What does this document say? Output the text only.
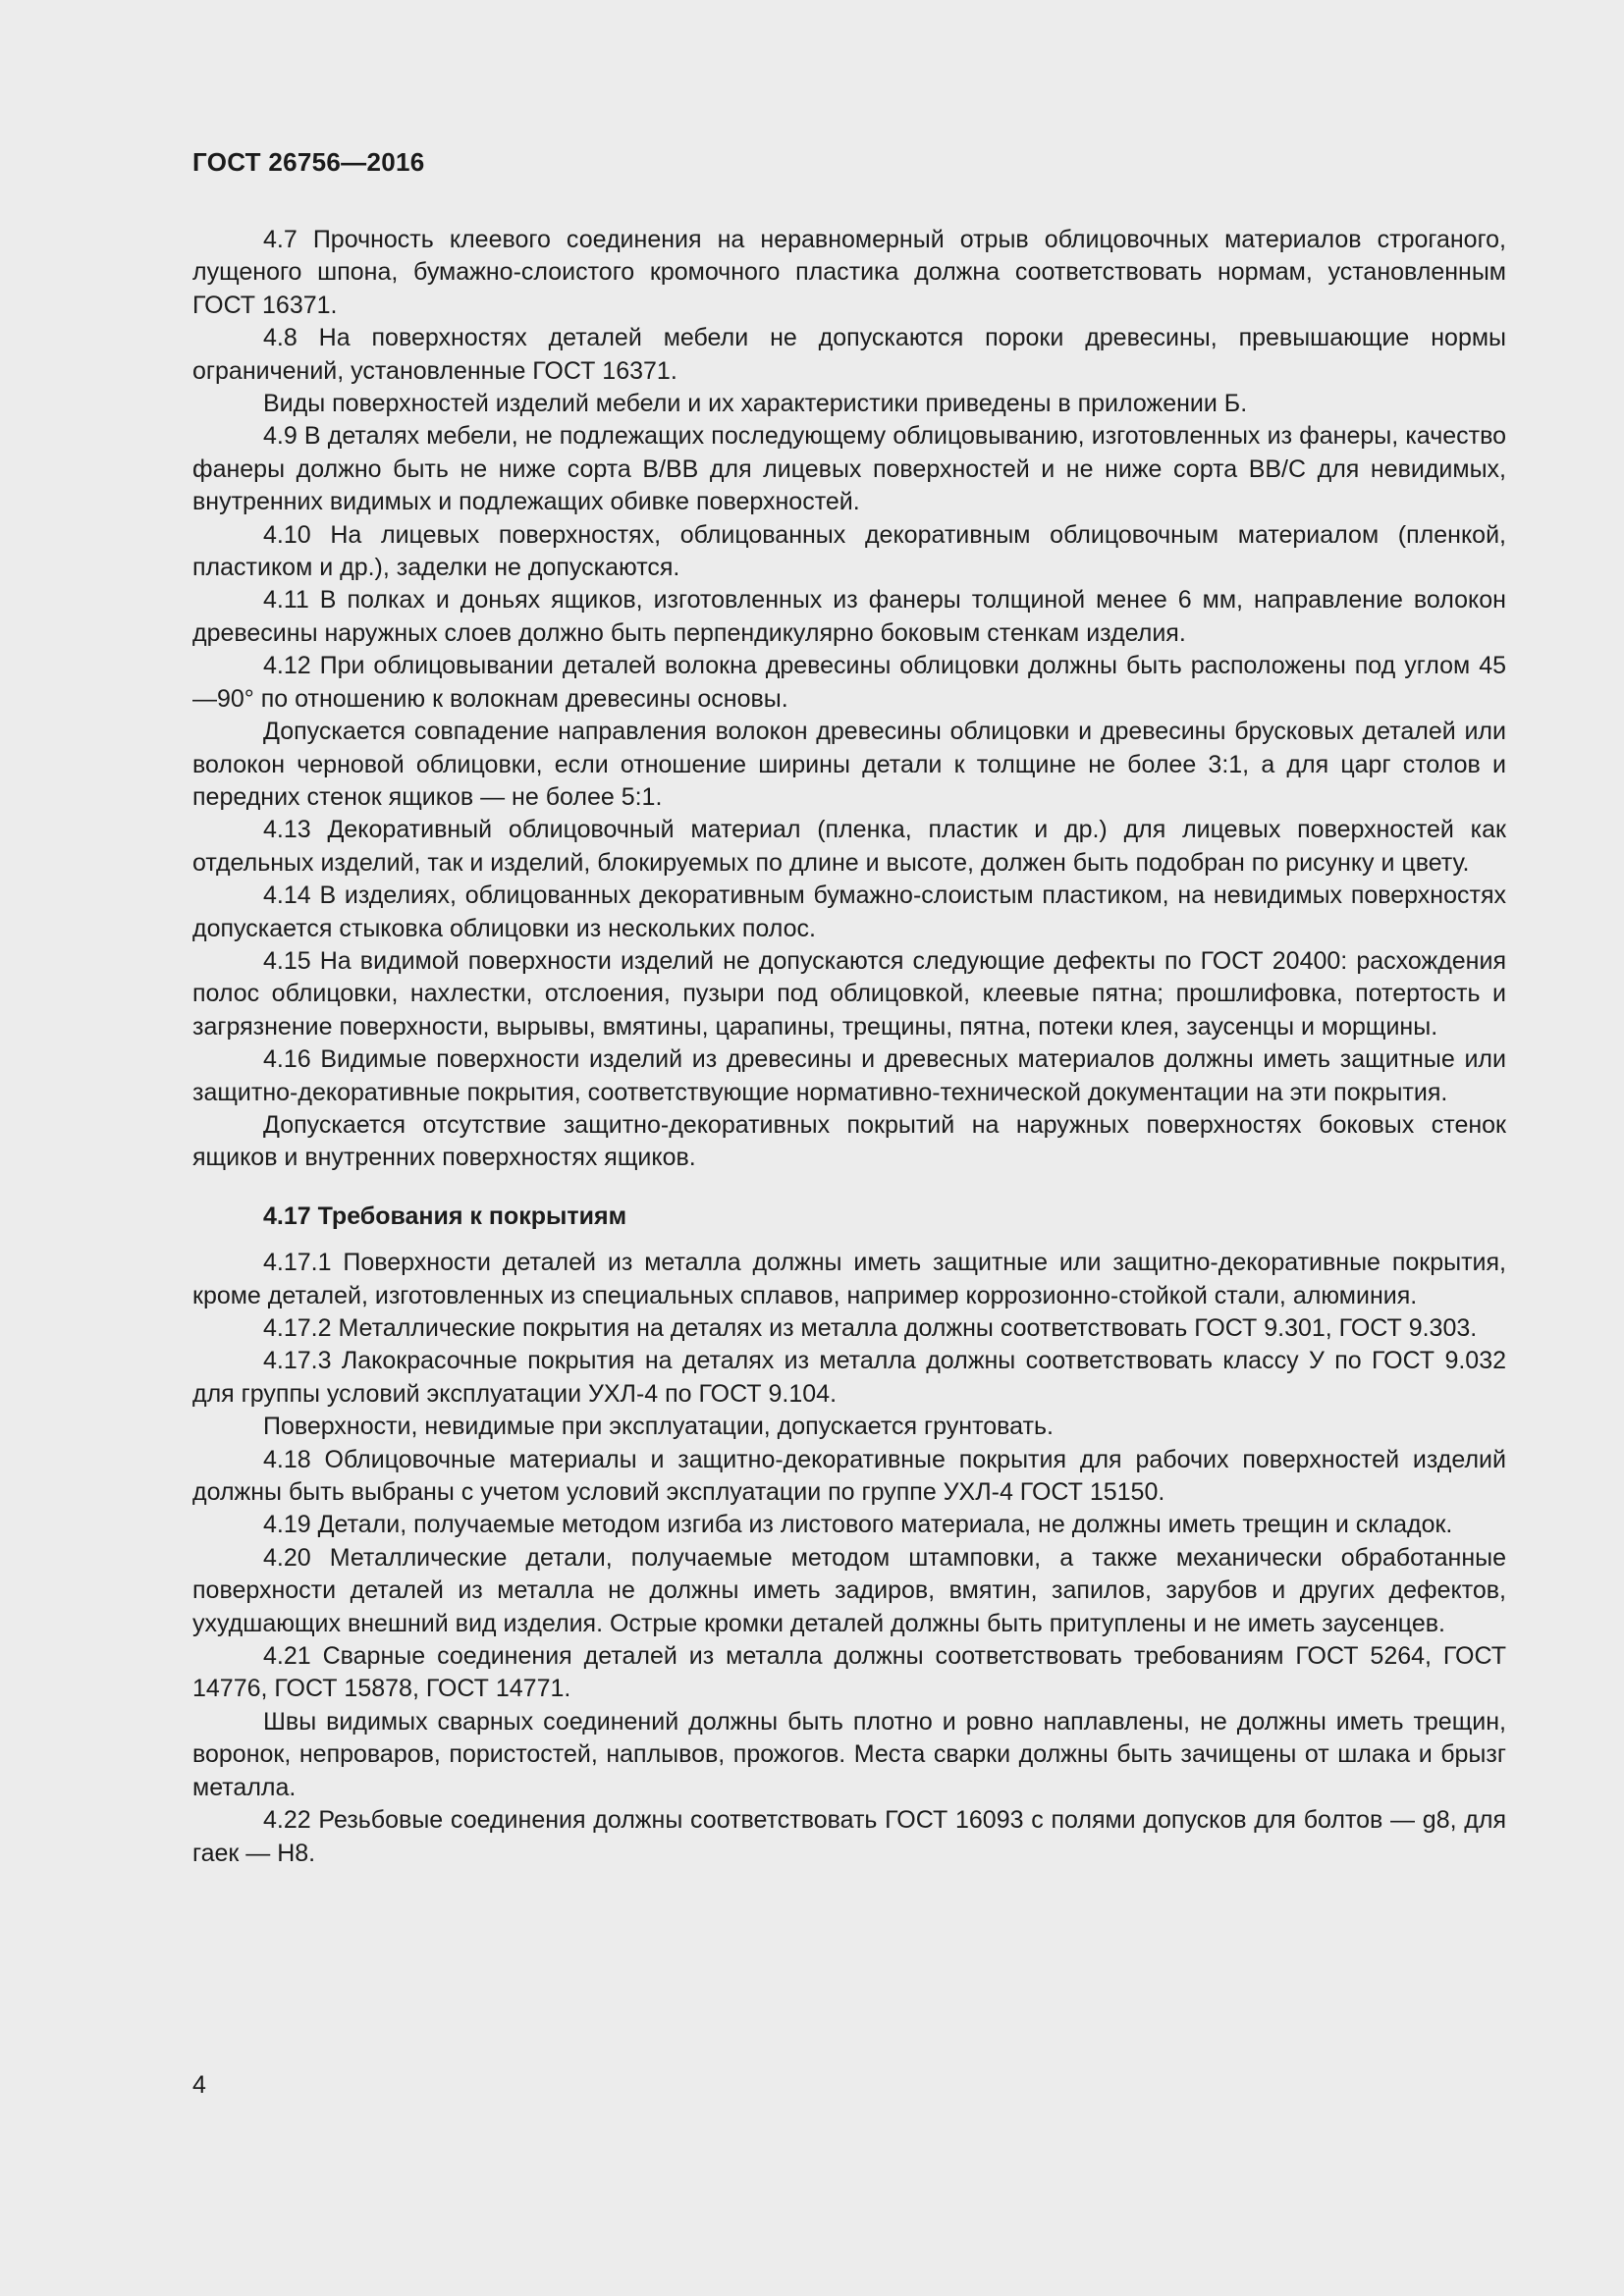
ГОСТ 26756—2016

4.7 Прочность клеевого соединения на неравномерный отрыв облицовочных материалов строганого, лущеного шпона, бумажно-слоистого кромочного пластика должна соответствовать нормам, установленным ГОСТ 16371.

4.8 На поверхностях деталей мебели не допускаются пороки древесины, превышающие нормы ограничений, установленные ГОСТ 16371.

Виды поверхностей изделий мебели и их характеристики приведены в приложении Б.

4.9 В деталях мебели, не подлежащих последующему облицовыванию, изготовленных из фанеры, качество фанеры должно быть не ниже сорта В/ВВ для лицевых поверхностей и не ниже сорта ВВ/С для невидимых, внутренних видимых и подлежащих обивке поверхностей.

4.10 На лицевых поверхностях, облицованных декоративным облицовочным материалом (пленкой, пластиком и др.), заделки не допускаются.

4.11 В полках и доньях ящиков, изготовленных из фанеры толщиной менее 6 мм, направление волокон древесины наружных слоев должно быть перпендикулярно боковым стенкам изделия.

4.12 При облицовывании деталей волокна древесины облицовки должны быть расположены под углом 45—90° по отношению к волокнам древесины основы.

Допускается совпадение направления волокон древесины облицовки и древесины брусковых деталей или волокон черновой облицовки, если отношение ширины детали к толщине не более 3:1, а для царг столов и передних стенок ящиков — не более 5:1.

4.13 Декоративный облицовочный материал (пленка, пластик и др.) для лицевых поверхностей как отдельных изделий, так и изделий, блокируемых по длине и высоте, должен быть подобран по рисунку и цвету.

4.14 В изделиях, облицованных декоративным бумажно-слоистым пластиком, на невидимых поверхностях допускается стыковка облицовки из нескольких полос.

4.15 На видимой поверхности изделий не допускаются следующие дефекты по ГОСТ 20400: расхождения полос облицовки, нахлестки, отслоения, пузыри под облицовкой, клеевые пятна; прошлифовка, потертость и загрязнение поверхности, вырывы, вмятины, царапины, трещины, пятна, потеки клея, заусенцы и морщины.

4.16 Видимые поверхности изделий из древесины и древесных материалов должны иметь защитные или защитно-декоративные покрытия, соответствующие нормативно-технической документации на эти покрытия.

Допускается отсутствие защитно-декоративных покрытий на наружных поверхностях боковых стенок ящиков и внутренних поверхностях ящиков.

4.17 Требования к покрытиям

4.17.1 Поверхности деталей из металла должны иметь защитные или защитно-декоративные покрытия, кроме деталей, изготовленных из специальных сплавов, например коррозионно-стойкой стали, алюминия.

4.17.2 Металлические покрытия на деталях из металла должны соответствовать ГОСТ 9.301, ГОСТ 9.303.

4.17.3 Лакокрасочные покрытия на деталях из металла должны соответствовать классу У по ГОСТ 9.032 для группы условий эксплуатации УХЛ-4 по ГОСТ 9.104.

Поверхности, невидимые при эксплуатации, допускается грунтовать.

4.18 Облицовочные материалы и защитно-декоративные покрытия для рабочих поверхностей изделий должны быть выбраны с учетом условий эксплуатации по группе УХЛ-4 ГОСТ 15150.

4.19 Детали, получаемые методом изгиба из листового материала, не должны иметь трещин и складок.

4.20 Металлические детали, получаемые методом штамповки, а также механически обработанные поверхности деталей из металла не должны иметь задиров, вмятин, запилов, зарубов и других дефектов, ухудшающих внешний вид изделия. Острые кромки деталей должны быть притуплены и не иметь заусенцев.

4.21 Сварные соединения деталей из металла должны соответствовать требованиям ГОСТ 5264, ГОСТ 14776, ГОСТ 15878, ГОСТ 14771.

Швы видимых сварных соединений должны быть плотно и ровно наплавлены, не должны иметь трещин, воронок, непроваров, пористостей, наплывов, прожогов. Места сварки должны быть зачищены от шлака и брызг металла.

4.22 Резьбовые соединения должны соответствовать ГОСТ 16093 с полями допусков для болтов — g8, для гаек — Н8.

4
